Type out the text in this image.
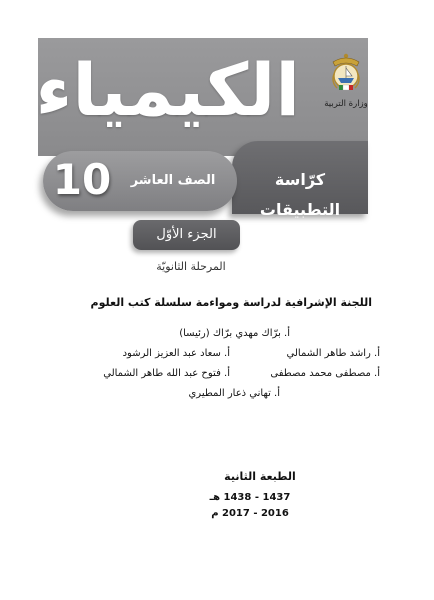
الكيمياء	وزارة التربية
كرّاسة التطبيقات
10	الصف العاشر
الجزء الأوّل
المرحلة الثانويّة
اللجنة الإشرافية لدراسة ومواءمة سلسلة كتب العلوم
أ. برّاك مهدي برّاك (رئيسا)
أ. راشد طاهر الشمالي
أ. سعاد عبد العزيز الرشود
أ. مصطفى محمد مصطفى
أ. فتوح عبد الله طاهر الشمالي
أ. تهاني ذعار المطيري
الطبعة الثانية
1437 - 1438 هـ
2016 - 2017 م
